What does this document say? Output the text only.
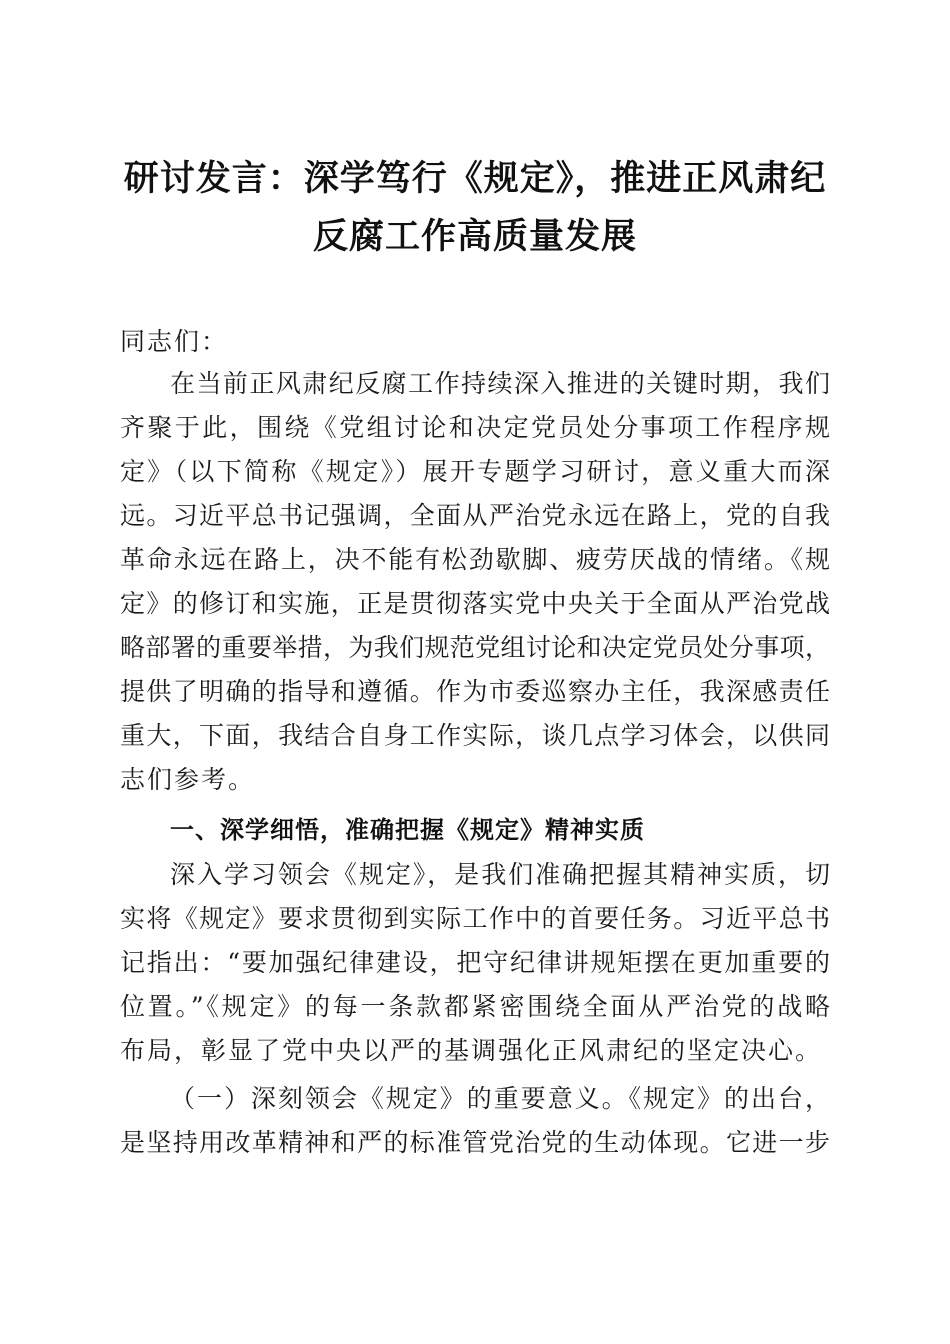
研讨发言：深学笃行《规定》，推进正风肃纪
反腐工作高质量发展
同志们：
在当前正风肃纪反腐工作持续深入推进的关键时期，我们
齐聚于此，围绕《党组讨论和决定党员处分事项工作程序规
定》（以下简称《规定》）展开专题学习研讨，意义重大而深
远。习近平总书记强调，全面从严治党永远在路上，党的自我
革命永远在路上，决不能有松劲歇脚、疲劳厌战的情绪。《规
定》的修订和实施，正是贯彻落实党中央关于全面从严治党战
略部署的重要举措，为我们规范党组讨论和决定党员处分事项，
提供了明确的指导和遵循。作为市委巡察办主任，我深感责任
重大，下面，我结合自身工作实际，谈几点学习体会，以供同
志们参考。
一、深学细悟，准确把握《规定》精神实质
深入学习领会《规定》，是我们准确把握其精神实质，切
实将《规定》要求贯彻到实际工作中的首要任务。习近平总书
记指出：“要加强纪律建设，把守纪律讲规矩摆在更加重要的
位置。”《规定》的每一条款都紧密围绕全面从严治党的战略
布局，彰显了党中央以严的基调强化正风肃纪的坚定决心。
（一）深刻领会《规定》的重要意义。《规定》的出台，
是坚持用改革精神和严的标准管党治党的生动体现。它进一步
